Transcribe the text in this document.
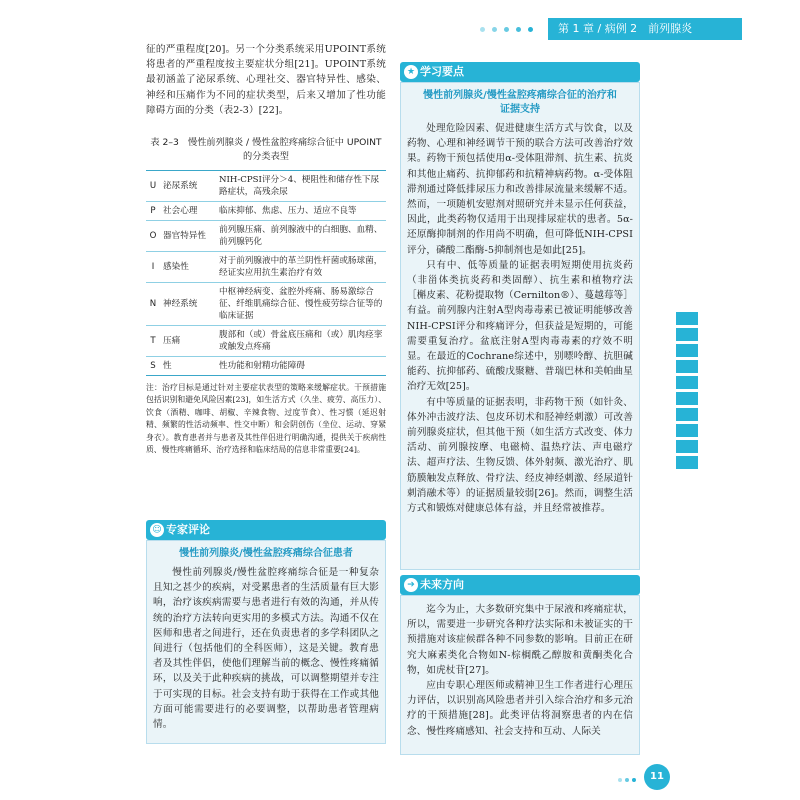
第 1 章 / 病例 2　前列腺炎

征的严重程度[20]。另一个分类系统采用UPOINT系统将患者的严重程度按主要症状分组[21]。UPOINT系统最初涵盖了泌尿系统、心理社交、器官特异性、感染、神经和压痛作为不同的症状类型，后来又增加了性功能障碍方面的分类（表2-3）[22]。

表 2–3　慢性前列腺炎 / 慢性盆腔疼痛综合征中 UPOINT
的分类表型
U	泌尿系统	NIH-CPSI评分＞4、梗阻性和储存性下尿路症状，高残余尿
P	社会心理	临床抑郁、焦虑、压力、适应不良等
O	器官特异性	前列腺压痛、前列腺液中的白细胞、血精、前列腺钙化
I	感染性	对于前列腺液中的革兰阴性杆菌或肠球菌，经证实应用抗生素治疗有效
N	神经系统	中枢神经病变、盆腔外疼痛、肠易激综合征、纤维肌痛综合征、慢性疲劳综合征等的临床证据
T	压痛	腹部和（或）骨盆底压痛和（或）肌肉痉挛或触发点疼痛
S	性	性功能和射精功能障碍

注：治疗目标是通过针对主要症状表型的策略来缓解症状。干预措施包括识别和避免风险因素[23]，如生活方式（久坐、疲劳、高压力）、饮食（酒精、咖啡、胡椒、辛辣食物、过度节食）、性习惯（延迟射精、频繁的性活动频率、性交中断）和会阴创伤（坐位、运动、穿紧身衣）。教育患者并与患者及其性伴侣进行明确沟通，提供关于疾病性质、慢性疼痛循环、治疗选择和临床结局的信息非常重要[24]。

☺ 专家评论
慢性前列腺炎/慢性盆腔疼痛综合征患者

慢性前列腺炎/慢性盆腔疼痛综合征是一种复杂且知之甚少的疾病，对受累患者的生活质量有巨大影响，治疗该疾病需要与患者进行有效的沟通，并从传统的治疗方法转向更实用的多模式方法。沟通不仅在医师和患者之间进行，还在负责患者的多学科团队之间进行（包括他们的全科医师），这是关键。教育患者及其性伴侣，使他们理解当前的概念、慢性疼痛循环，以及关于此种疾病的挑战，可以调整期望并专注于可实现的目标。社会支持有助于获得在工作或其他方面可能需要进行的必要调整，以帮助患者管理病情。

★ 学习要点
慢性前列腺炎/慢性盆腔疼痛综合征的治疗和
证据支持

处理危险因素、促进健康生活方式与饮食，以及药物、心理和神经调节干预的联合方法可改善治疗效果。药物干预包括使用α-受体阻滞剂、抗生素、抗炎和其他止痛药、抗抑郁药和抗精神病药物。α-受体阻滞剂通过降低排尿压力和改善排尿流量来缓解不适。然而，一项随机安慰剂对照研究并未显示任何获益，因此，此类药物仅适用于出现排尿症状的患者。5α-还原酶抑制剂的作用尚不明确，但可降低NIH-CPSI评分，磷酸二酯酶-5抑制剂也是如此[25]。

只有中、低等质量的证据表明短期使用抗炎药（非甾体类抗炎药和类固醇）、抗生素和植物疗法［槲皮素、花粉提取物（Cernilton®）、蔓越莓等］有益。前列腺内注射A型肉毒毒素已被证明能够改善NIH-CPSI评分和疼痛评分，但获益是短期的，可能需要重复治疗。盆底注射A型肉毒毒素的疗效不明显。在最近的Cochrane综述中，别嘌呤醇、抗胆碱能药、抗抑郁药、硫酸戊聚糖、普瑞巴林和美帕曲星治疗无效[25]。

有中等质量的证据表明，非药物干预（如针灸、体外冲击波疗法、包皮环切术和胫神经刺激）可改善前列腺炎症状，但其他干预（如生活方式改变、体力活动、前列腺按摩、电磁椅、温热疗法、声电磁疗法、超声疗法、生物反馈、体外射频、激光治疗、肌筋膜触发点释放、骨疗法、经皮神经刺激、经尿道针刺消融术等）的证据质量较弱[26]。然而，调整生活方式和锻炼对健康总体有益，并且经常被推荐。

➔ 未来方向

迄今为止，大多数研究集中于尿液和疼痛症状，所以，需要进一步研究各种疗法实际和未被证实的干预措施对该症候群各种不同参数的影响。目前正在研究大麻素类化合物如N-棕榈酰乙醇胺和黄酮类化合物，如虎杖苷[27]。

应由专职心理医师或精神卫生工作者进行心理压力评估，以识别高风险患者并引入综合治疗和多元治疗的干预措施[28]。此类评估将洞察患者的内在信念、慢性疼痛感知、社会支持和互动、人际关

11
